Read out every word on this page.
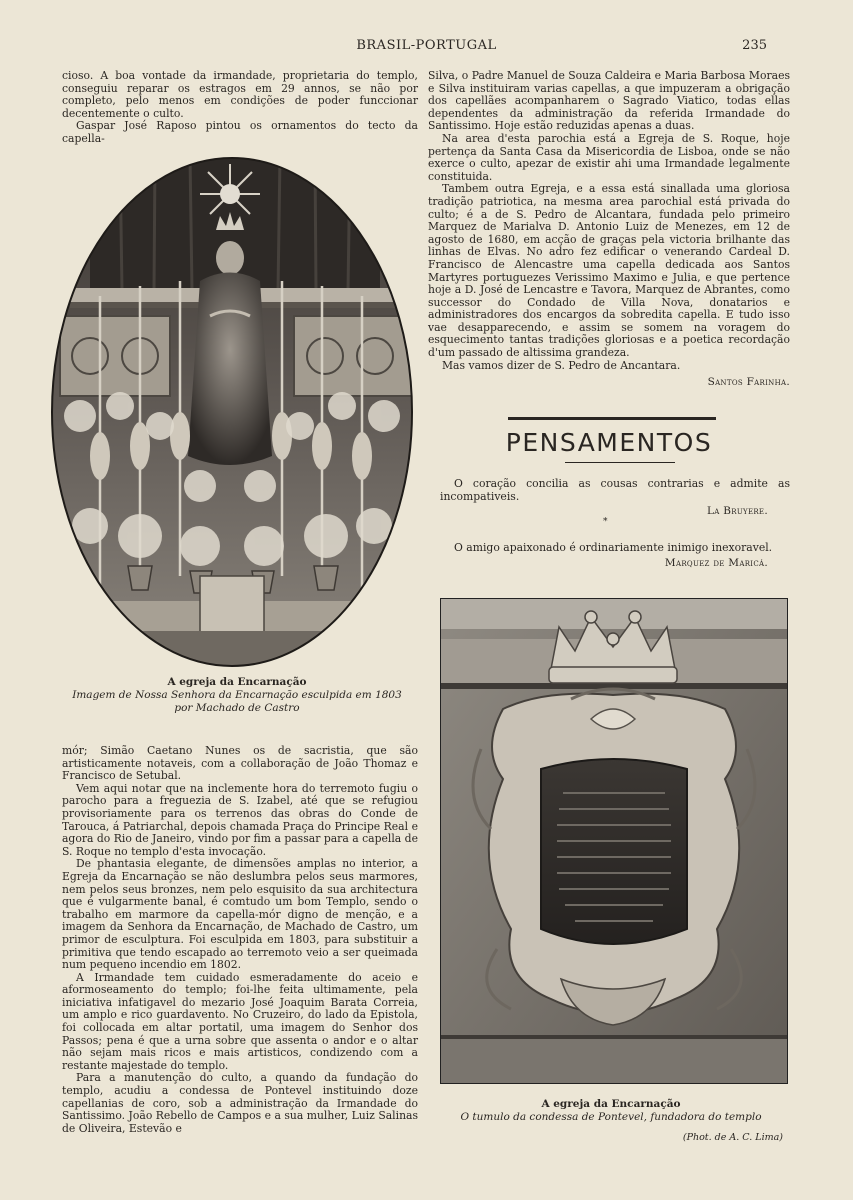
BRASIL-PORTUGAL	235

cioso. A boa vontade da irmandade, proprietaria do templo, conseguiu reparar os estragos em 29 annos, se não por completo, pelo menos em condições de poder funccionar decentemente o culto.

Gaspar José Raposo pintou os ornamentos do tecto da capella-

A egreja da Encarnação
Imagem de Nossa Senhora da Encarnação esculpida em 1803
por Machado de Castro

mór; Simão Caetano Nunes os de sacristia, que são artisticamente notaveis, com a collaboração de João Thomaz e Francisco de Setubal.

Vem aqui notar que na inclemente hora do terremoto fugiu o parocho para a freguezia de S. Izabel, até que se refugiou provisoriamente para os terrenos das obras do Conde de Tarouca, á Patriarchal, depois chamada Praça do Principe Real e agora do Rio de Janeiro, vindo por fim a passar para a capella de S. Roque no templo d'esta invocação.

De phantasia elegante, de dimensões amplas no interior, a Egreja da Encarnação se não deslumbra pelos seus marmores, nem pelos seus bronzes, nem pelo esquisito da sua architectura que é vulgarmente banal, é comtudo um bom Templo, sendo o trabalho em marmore da capella-mór digno de menção, e a imagem da Senhora da Encarnação, de Machado de Castro, um primor de esculptura. Foi esculpida em 1803, para substituir a primitiva que tendo escapado ao terremoto veio a ser queimada num pequeno incendio em 1802.

A Irmandade tem cuidado esmeradamente do aceio e aformoseamento do templo; foi-lhe feita ultimamente, pela iniciativa infatigavel do mezario José Joaquim Barata Correia, um amplo e rico guardavento. No Cruzeiro, do lado da Epistola, foi collocada em altar portatil, uma imagem do Senhor dos Passos; pena é que a urna sobre que assenta o andor e o altar não sejam mais ricos e mais artisticos, condizendo com a restante majestade do templo.

Para a manutenção do culto, a quando da fundação do templo, acudiu a condessa de Pontevel instituindo doze capellanias de coro, sob a administração da Irmandade do Santissimo. João Rebello de Campos e a sua mulher, Luiz Salinas de Oliveira, Estevão e

Silva, o Padre Manuel de Souza Caldeira e Maria Barbosa Moraes e Silva instituiram varias capellas, a que impuzeram a obrigação dos capellães acompanharem o Sagrado Viatico, todas ellas dependentes da administração da referida Irmandade do Santissimo. Hoje estão reduzidas apenas a duas.

Na area d'esta parochia está a Egreja de S. Roque, hoje pertença da Santa Casa da Misericordia de Lisboa, onde se não exerce o culto, apezar de existir ahi uma Irmandade legalmente constituida.

Tambem outra Egreja, e a essa está sinallada uma gloriosa tradição patriotica, na mesma area parochial está privada do culto; é a de S. Pedro de Alcantara, fundada pelo primeiro Marquez de Marialva D. Antonio Luiz de Menezes, em 12 de agosto de 1680, em acção de graças pela victoria brilhante das linhas de Elvas. No adro fez edificar o venerando Cardeal D. Francisco de Alencastre uma capella dedicada aos Santos Martyres portuguezes Verissimo Maximo e Julia, e que pertence hoje a D. José de Lencastre e Tavora, Marquez de Abrantes, como successor do Condado de Villa Nova, donatarios e administradores dos encargos da sobredita capella. E tudo isso vae desapparecendo, e assim se somem na voragem do esquecimento tantas tradições gloriosas e a poetica recordação d'um passado de altissima grandeza.

Mas vamos dizer de S. Pedro de Ancantara.

Santos Farinha.
PENSAMENTOS

O coração concilia as cousas contrarias e admite as incompativeis.

La Bruyere.
*

O amigo apaixonado é ordinariamente inimigo inexoravel.

Marquez de Maricá.
A egreja da Encarnação
O tumulo da condessa de Pontevel, fundadora do templo
(Phot. de A. C. Lima)
